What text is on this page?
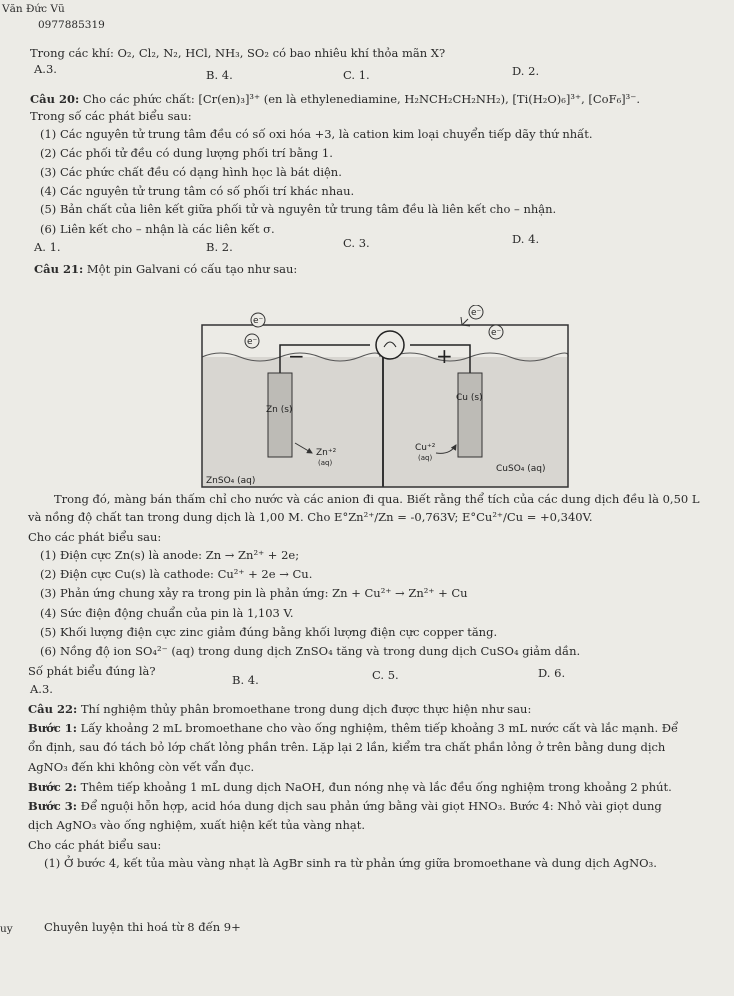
Văn Đức Vũ
0977885319
Trong các khí: O₂, Cl₂, N₂, HCl, NH₃, SO₂ có bao nhiêu khí thỏa mãn X?
A.3.	B. 4.	C. 1.	D. 2.
Câu 20: Cho các phức chất: [Cr(en)₃]³⁺ (en là ethylenediamine, H₂NCH₂CH₂NH₂), [Ti(H₂O)₆]³⁺, [CoF₆]³⁻.
Trong số các phát biểu sau:
(1) Các nguyên tử trung tâm đều có số oxi hóa +3, là cation kim loại chuyển tiếp dãy thứ nhất.
(2) Các phối tử đều có dung lượng phối trí bằng 1.
(3) Các phức chất đều có dạng hình học là bát diện.
(4) Các nguyên tử trung tâm có số phối trí khác nhau.
(5) Bản chất của liên kết giữa phối tử và nguyên tử trung tâm đều là liên kết cho – nhận.
(6) Liên kết cho – nhận là các liên kết σ.
A. 1.	B. 2.	C. 3.	D. 4.
Câu 21: Một pin Galvani có cấu tạo như sau:
e⁻
e⁻
e⁻
e⁻
−	+
Zn (s)
Cu (s)
Zn⁺²
(aq)
Cu⁺²
(aq)
ZnSO₄ (aq)
CuSO₄ (aq)
Trong đó, màng bán thấm chỉ cho nước và các anion đi qua. Biết rằng thể tích của các dung dịch đều là 0,50 L
và nồng độ chất tan trong dung dịch là 1,00 M. Cho E°Zn²⁺/Zn = -0,763V; E°Cu²⁺/Cu = +0,340V.
Cho các phát biểu sau:
(1) Điện cực Zn(s) là anode: Zn → Zn²⁺ + 2e;
(2) Điện cực Cu(s) là cathode: Cu²⁺ + 2e → Cu.
(3) Phản ứng chung xảy ra trong pin là phản ứng: Zn + Cu²⁺ → Zn²⁺ + Cu
(4) Sức điện động chuẩn của pin là 1,103 V.
(5) Khối lượng điện cực zinc giảm đúng bằng khối lượng điện cực copper tăng.
(6) Nồng độ ion SO₄²⁻ (aq) trong dung dịch ZnSO₄ tăng và trong dung dịch CuSO₄ giảm dần.
Số phát biểu đúng là?
A.3.
B. 4.	C. 5.	D. 6.
Câu 22: Thí nghiệm thủy phân bromoethane trong dung dịch được thực hiện như sau:
Bước 1: Lấy khoảng 2 mL bromoethane cho vào ống nghiệm, thêm tiếp khoảng 3 mL nước cất và lắc mạnh. Để
ổn định, sau đó tách bỏ lớp chất lỏng phần trên. Lặp lại 2 lần, kiểm tra chất phần lỏng ở trên bằng dung dịch
AgNO₃ đến khi không còn vết vẩn đục.
Bước 2: Thêm tiếp khoảng 1 mL dung dịch NaOH, đun nóng nhẹ và lắc đều ống nghiệm trong khoảng 2 phút.
Bước 3: Để nguội hỗn hợp, acid hóa dung dịch sau phản ứng bằng vài giọt HNO₃. Bước 4: Nhỏ vài giọt dung
dịch AgNO₃ vào ống nghiệm, xuất hiện kết tủa vàng nhạt.
Cho các phát biểu sau:
(1) Ở bước 4, kết tủa màu vàng nhạt là AgBr sinh ra từ phản ứng giữa bromoethane và dung dịch AgNO₃.
uy	Chuyên luyện thi hoá từ 8 đến 9+
